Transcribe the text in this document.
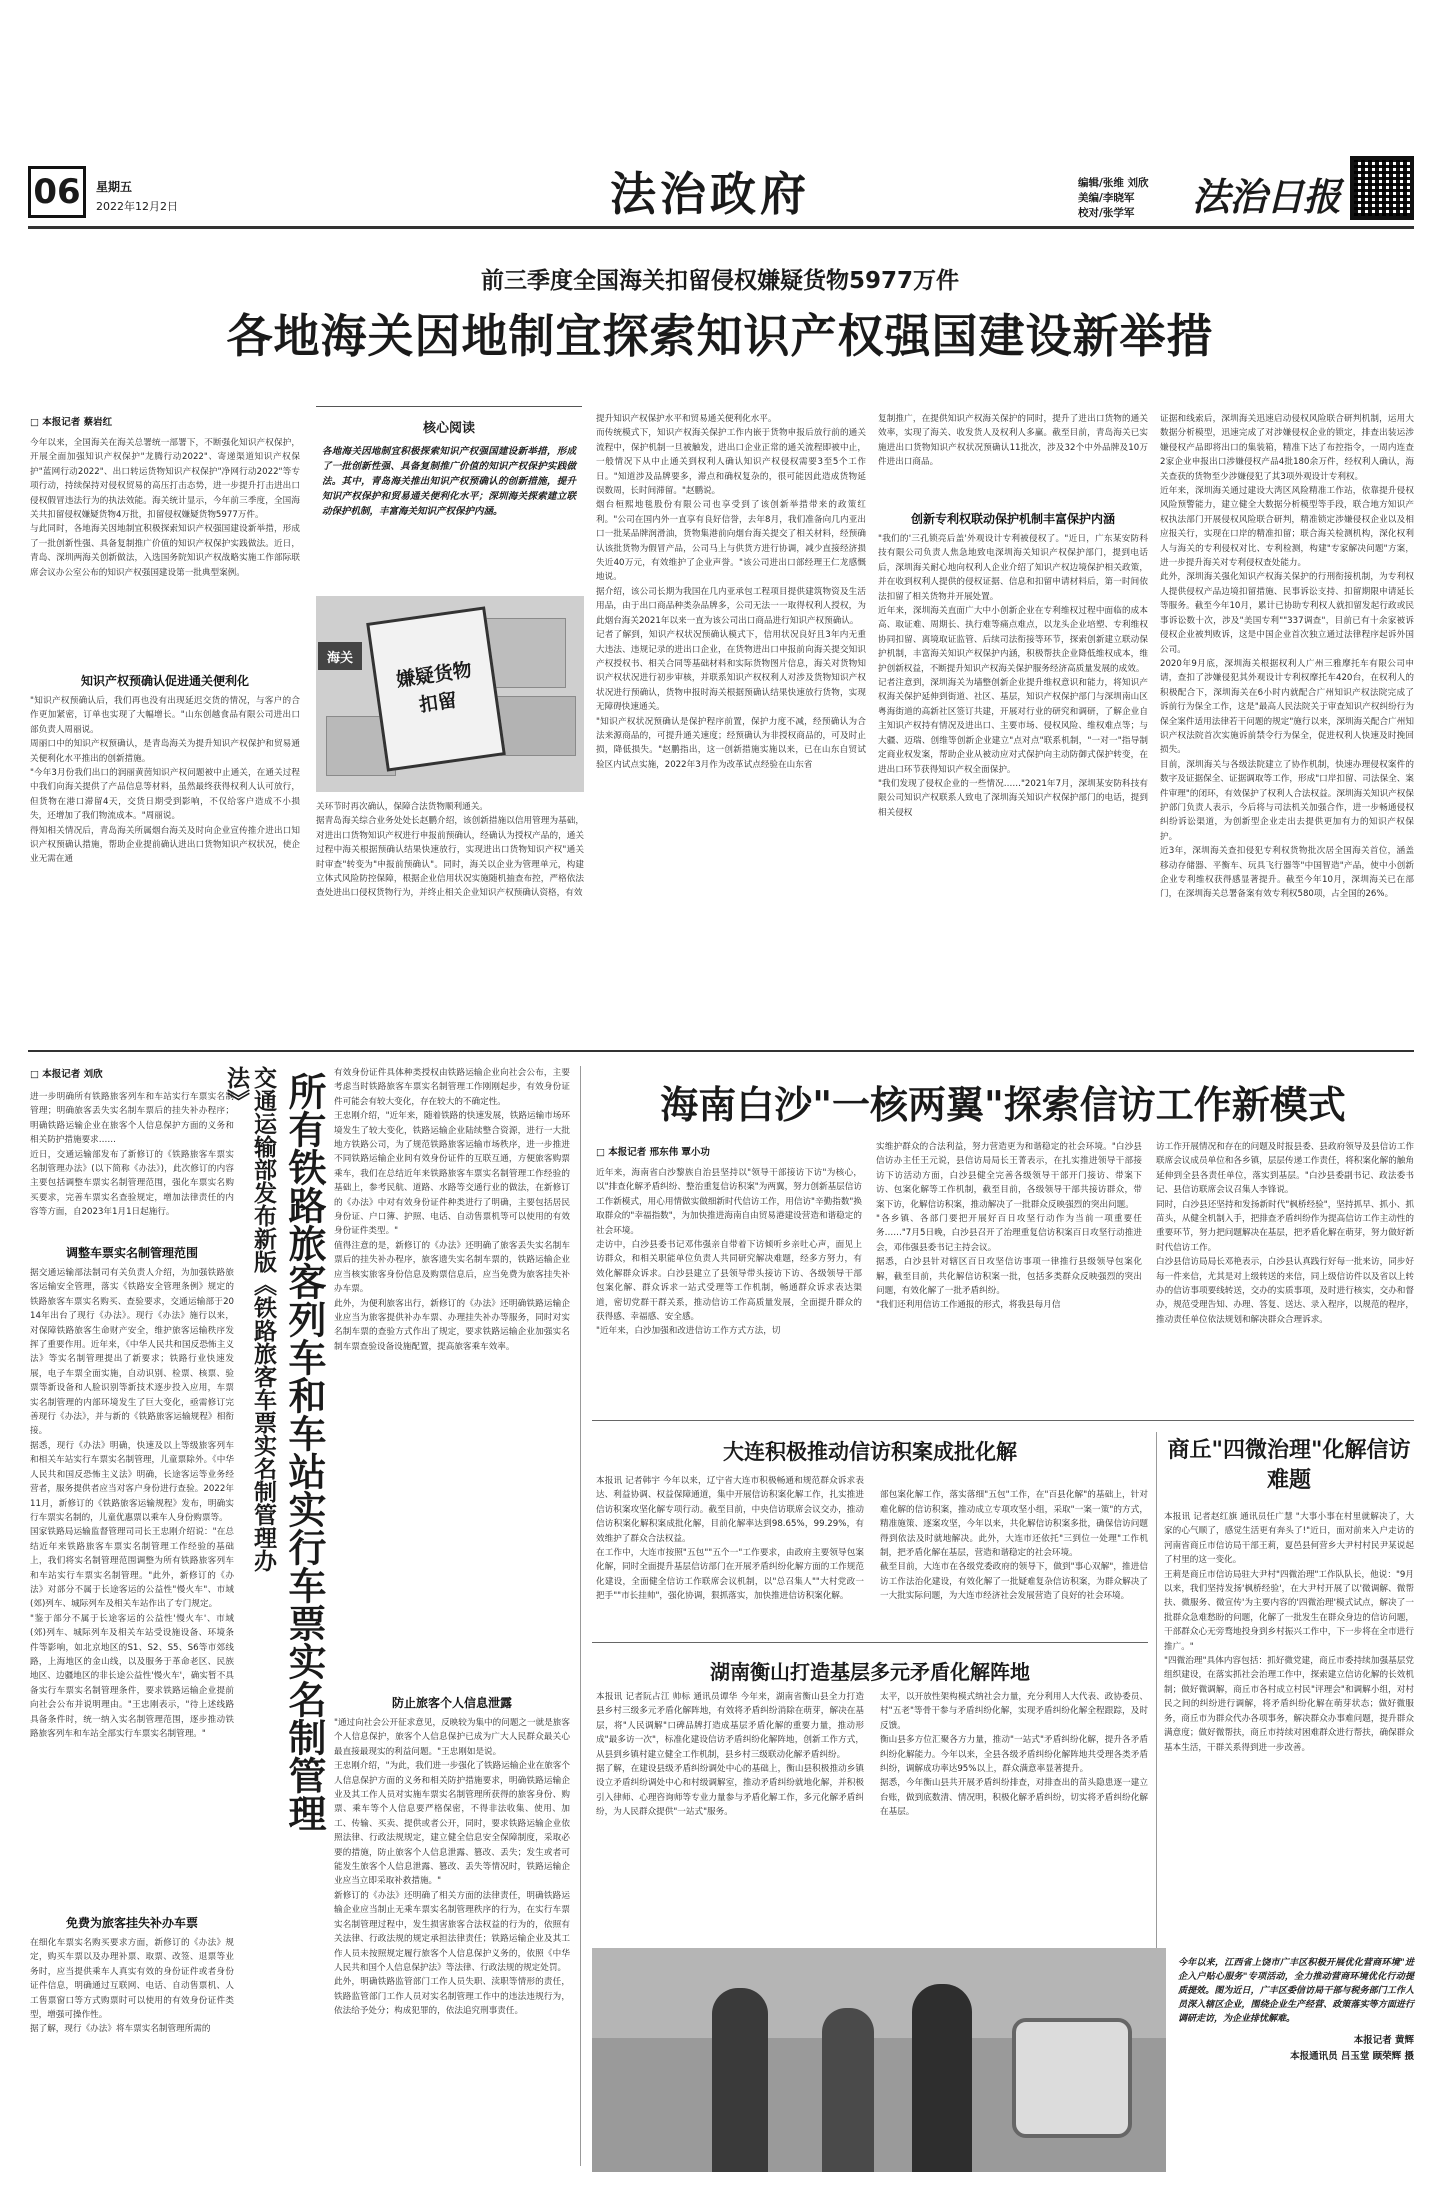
06 星期五
2022年12月2日	法治政府	编辑/张维 刘欣
美编/李晓军
校对/张学军	法治日报
前三季度全国海关扣留侵权嫌疑货物5977万件
各地海关因地制宜探索知识产权强国建设新举措
□ 本报记者 蔡岩红
今年以来，全国海关在海关总署统一部署下，不断强化知识产权保护，开展全面加强知识产权保护"龙腾行动2022"、寄递渠道知识产权保护"蓝网行动2022"、出口转运货物知识产权保护"净网行动2022"等专项行动，持续保持对侵权贸易的高压打击态势，进一步提升打击进出口侵权假冒违法行为的执法效能。海关统计显示，今年前三季度，全国海关共扣留侵权嫌疑货物4万批，扣留侵权嫌疑货物5977万件。
与此同时，各地海关因地制宜积极探索知识产权强国建设新举措，形成了一批创新性强、具备复制推广价值的知识产权保护实践做法。近日，青岛、深圳两海关创新做法，入选国务院知识产权战略实施工作部际联席会议办公室公布的知识产权强国建设第一批典型案例。
知识产权预确认促进通关便利化
"知识产权预确认后，我们再也没有出现延迟交货的情况，与客户的合作更加紧密，订单也实现了大幅增长。"山东创越食品有限公司进出口部负责人周丽说。
周丽口中的知识产权预确认，是青岛海关为提升知识产权保护和贸易通关便利化水平推出的创新措施。
"今年3月份我们出口的润丽黄茵知识产权问题被中止通关，在通关过程中我们向海关提供了产品信息等材料，虽然最终获得权利人认可放行，但货物在港口滞留4天，交货日期受到影响，不仅给客户造成不小损失，还增加了我们物流成本。"周丽说。
得知相关情况后，青岛海关所属烟台海关及时向企业宣传推介进出口知识产权预确认措施，帮助企业提前确认进出口货物知识产权状况，使企业无需在通
核心阅读
各地海关因地制宜积极探索知识产权强国建设新举措，形成了一批创新性强、具备复制推广价值的知识产权保护实践做法。其中，青岛海关推出知识产权预确认的创新措施，提升知识产权保护和贸易通关便利化水平；深圳海关探索建立联动保护机制，丰富海关知识产权保护内涵。
海关
嫌疑货物 扣留
关环节时再次确认，保障合法货物顺利通关。
据青岛海关综合业务处处长赵鹏介绍，该创新措施以信用管理为基础，对进出口货物知识产权进行申报前预确认，经确认为授权产品的，通关过程中海关根据预确认结果快速放行，实现进出口货物知识产权"通关时审查"转变为"申报前预确认"。同时，海关以企业为管理单元，构建立体式风险防控保障，根据企业信用状况实施随机抽查布控，严格依法查处进出口侵权货物行为，并终止相关企业知识产权预确认资格，有效
提升知识产权保护水平和贸易通关便利化水平。
而传统模式下，知识产权海关保护工作内嵌于货物申报后放行前的通关流程中，保护机制一旦被触发，进出口企业正常的通关流程即被中止，一般情况下从中止通关到权利人确认知识产权侵权需要3至5个工作日。"知道涉及品牌要多，滞点和确权复杂的，很可能因此造成货物延误数周，长时间滞留。"赵鹏说。
烟台桓熙地毯股份有限公司也享受到了该创新举措带来的政策红利。"公司在国内外一直享有良好信誉，去年8月，我们准备向几内亚出口一批某品牌润滑油，货物集港前向烟台海关提交了相关材料，经预确认该批货物为假冒产品，公司马上与供货方进行协调，减少直接经济损失近40万元，有效维护了企业声誉。"该公司进出口部经理王仁龙感慨地说。
据介绍，该公司长期为我国在几内亚承包工程项目提供建筑物资及生活用品，由于出口商品种类杂品牌多，公司无法一一取得权利人授权，为此烟台海关2021年以来一直为该公司出口商品进行知识产权预确认。
记者了解到，知识产权状况预确认模式下，信用状况良好且3年内无重大违法、违规记录的进出口企业，在货物进出口申报前向海关提交知识产权授权书、相关合同等基础材料和实际货物图片信息，海关对货物知识产权状况进行初步审核，并联系知识产权权利人对涉及货物知识产权状况进行预确认，货物申报时海关根据预确认结果快速放行货物，实现无障碍快速通关。
"知识产权状况预确认是保护程序前置，保护力度不减，经预确认为合法来源商品的，可提升通关速度；经预确认为非授权商品的，可及时止损，降低损失。"赵鹏指出，这一创新措施实施以来，已在山东自贸试验区内试点实施，2022年3月作为改革试点经验在山东省
复制推广，在提供知识产权海关保护的同时，提升了进出口货物的通关效率，实现了海关、收发货人及权利人多赢。截至目前，青岛海关已实施进出口货物知识产权状况预确认11批次，涉及32个中外品牌及10万件进出口商品。
创新专利权联动保护机制丰富保护内涵
"我们的'三孔锁亮后盖'外观设计专利被侵权了。"近日，广东某安防科技有限公司负责人焦急地致电深圳海关知识产权保护部门，提到电话后，深圳海关耐心地向权利人企业介绍了知识产权边境保护相关政策，并在收到权利人提供的侵权证据、信息和扣留申请材料后，第一时间依法扣留了相关货物并开展处置。
近年来，深圳海关直面广大中小创新企业在专利维权过程中面临的成本高、取证难、周期长、执行难等痛点难点，以龙头企业培塑、专利维权协同扣留、离境取证监管、后续司法衔接等环节，探索创新建立联动保护机制，丰富海关知识产权保护内涵，积极帮扶企业降低维权成本，维护创新权益，不断提升知识产权海关保护服务经济高质量发展的成效。
记者注意到，深圳海关为墙整创新企业提升维权意识和能力，将知识产权海关保护延伸到街道、社区、基层，知识产权保护部门与深圳南山区粤海街道的高新社区签订共建，开展对行业的研究和调研，了解企业自主知识产权持有情况及进出口、主要市场、侵权风险、维权难点等；与大疆、迈瑞、创维等创新企业建立"点对点"联系机制，"一对一"指导制定商业权发案，帮助企业从被动应对式保护向主动防御式保护转变，在进出口环节获得知识产权全面保护。
"我们发现了侵权企业的一些情况……"2021年7月，深圳某安防科技有限公司知识产权联系人致电了深圳海关知识产权保护部门的电话，提到相关侵权
证据和线索后，深圳海关迅速启动侵权风险联合研判机制，运用大数据分析模型，迅速完成了对涉嫌侵权企业的锁定，排查出装运涉嫌侵权产品即将出口的集装箱，精准下达了布控指令，一周内连查2家企业申报出口涉嫌侵权产品4批180余万件，经权利人确认，海关查获的货物至少涉嫌侵犯了其3项外观设计专利权。
近年来，深圳海关通过建设大湾区风险精准工作站，依靠提升侵权风险预警能力，建立健全大数据分析模型等手段，联合地方知识产权执法部门开展侵权风险联合研判，精准锁定涉嫌侵权企业以及相应报关行，实现在口岸的精准扣留；联合海关检测机构，深化权利人与海关的专利侵权对比、专利检测，构建"专家解决问题"方案，进一步提升海关对专利侵权查处能力。
此外，深圳海关强化知识产权海关保护的行刑衔接机制，为专利权人提供侵权产品边境扣留措施、民事诉讼支持、扣留期限申请延长等服务。截至今年10月，累计已协助专利权人就扣留发起行政或民事诉讼数十次，涉及"美国专利""337调查"，目前已有十余家被诉侵权企业被判败诉，这是中国企业首次独立通过法律程序起诉外国公司。
2020年9月底，深圳海关根据权利人广州三雅摩托车有限公司申请，查扣了涉嫌侵犯其外观设计专利权摩托车420台，在权利人的积极配合下，深圳海关在6小时内就配合广州知识产权法院完成了诉前行为保全工作，这是"最高人民法院关于审查知识产权纠纷行为保全案件适用法律若干问题的规定"施行以来，深圳海关配合广州知识产权法院首次实施诉前禁令行为保全，促进权利人快速及时挽回损失。
目前，深圳海关与各级法院建立了协作机制，快速办理侵权案件的数字及证据保全、证据调取等工作，形成"口岸扣留、司法保全、案件审理"的闭环，有效保护了权利人合法权益。深圳海关知识产权保护部门负责人表示，今后将与司法机关加强合作，进一步畅通侵权纠纷诉讼渠道，为创新型企业走出去提供更加有力的知识产权保护。
近3年，深圳海关查扣侵犯专利权货物批次居全国海关首位，涵盖移动存储器、平衡车、玩具飞行器等"中国智造"产品，使中小创新企业专利维权获得感显著提升。截至今年10月，深圳海关已在部门，在深圳海关总署备案有效专利权580项，占全国的26%。
□ 本报记者 刘欣
进一步明确所有铁路旅客列车和车站实行车票实名制管理；明确旅客丢失实名制车票后的挂失补办程序；明确铁路运输企业在旅客个人信息保护方面的义务和相关防护措施要求……
近日，交通运输部发布了新修订的《铁路旅客车票实名制管理办法》(以下简称《办法》)，此次修订的内容主要包括调整车票实名制管理范围，强化车票实名购买要求，完善车票实名查验规定，增加法律责任的内容等方面，自2023年1月1日起施行。
调整车票实名制管理范围
据交通运输部法制司有关负责人介绍，为加强铁路旅客运输安全管理，落实《铁路安全管理条例》规定的铁路旅客车票实名购买、查验要求，交通运输部于2014年出台了现行《办法》。现行《办法》施行以来，对保障铁路旅客生命财产安全，维护旅客运输秩序发挥了重要作用。近年来，《中华人民共和国反恐怖主义法》等实名制管理提出了新要求；铁路行业快速发展，电子车票全面实施，自动识别、检票、核票、验票等新设备和人脸识别等新技术逐步投入应用，车票实名制管理的内部环境发生了巨大变化，亟需修订完善现行《办法》，并与新的《铁路旅客运输规程》相衔接。
据悉，现行《办法》明确，快速及以上等级旅客列车和相关车站实行车票实名制管理，儿童票除外。《中华人民共和国反恐怖主义法》明确，长途客运等业务经营者，服务提供者应当对客户身份进行查验。2022年11月，新修订的《铁路旅客运输规程》发布，明确实行车票实名制的，儿童优惠票以乘车人身份购票等。
国家铁路局运输监督管理司司长王忠刚介绍说："在总结近年来铁路旅客车票实名制管理工作经验的基础上，我们将实名制管理范围调整为所有铁路旅客列车和车站实行车票实名制管理。"此外，新修订的《办法》对部分不属于长途客运的公益性"慢火车"、市域(郊)列车、城际列车及相关车站作出了专门规定。
"鉴于部分不属于长途客运的公益性'慢火车'、市域(郊)列车、城际列车及相关车站受设施设备、环境条件等影响，如北京地区的S1、S2、S5、S6等市郊线路，上海地区的金山线，以及服务于革命老区、民族地区、边疆地区的非长途公益性'慢火车'，确实暂不具备实行车票实名制管理条件，要求铁路运输企业提前向社会公布并说明理由。"王忠刚表示，"待上述线路具备条件时，统一纳入实名制管理范围，逐步推动铁路旅客列车和车站全部实行车票实名制管理。"
免费为旅客挂失补办车票
在细化车票实名购买要求方面，新修订的《办法》规定，购买车票以及办理补票、取票、改签、退票等业务时，应当提供乘车人真实有效的身份证件或者身份证件信息，明确通过互联网、电话、自动售票机、人工售票窗口等方式购票时可以使用的有效身份证件类型，增强可操作性。
据了解，现行《办法》将车票实名制管理所需的
交通运输部发布新版《铁路旅客车票实名制管理办法》 所有铁路旅客列车和车站实行车票实名制管理 有效身份证件具体种类授权由铁路运输企业向社会公布，主要考虑当时铁路旅客车票实名制管理工作刚刚起步，有效身份证件可能会有较大变化，存在较大的不确定性。
王忠刚介绍，"近年来，随着铁路的快速发展，铁路运输市场环境发生了较大变化，铁路运输企业陆续整合资源，进行一大批地方铁路公司，为了规范铁路旅客运输市场秩序，进一步推进不同铁路运输企业间有效身份证件的互联互通，方便旅客购票乘车，我们在总结近年来铁路旅客车票实名制管理工作经验的基础上，参考民航、道路、水路等交通行业的做法，在新修订的《办法》中对有效身份证件种类进行了明确，主要包括居民身份证、户口簿、护照、电话、自动售票机等可以使用的有效身份证件类型。"
值得注意的是，新修订的《办法》还明确了旅客丢失实名制车票后的挂失补办程序，旅客遗失实名制车票的，铁路运输企业应当核实旅客身份信息及购票信息后，应当免费为旅客挂失补办车票。
此外，为便利旅客出行，新修订的《办法》还明确铁路运输企业应当为旅客提供补办车票、办理挂失补办等服务，同时对实名制车票的查验方式作出了规定，要求铁路运输企业加强实名制车票查验设备设施配置，提高旅客乘车效率。
防止旅客个人信息泄露
"通过向社会公开征求意见，反映较为集中的问题之一就是旅客个人信息保护，旅客个人信息保护已成为广大人民群众最关心最直接最现实的利益问题。"王忠刚如是说。
王忠刚介绍，"为此，我们进一步强化了铁路运输企业在旅客个人信息保护方面的义务和相关防护措施要求，明确铁路运输企业及其工作人员对实施车票实名制管理所获得的旅客身份、购票、乘车等个人信息要严格保密，不得非法收集、使用、加工、传输、买卖、提供或者公开，同时，要求铁路运输企业依照法律、行政法规规定，建立健全信息安全保障制度，采取必要的措施，防止旅客个人信息泄露、篡改、丢失；发生或者可能发生旅客个人信息泄露、篡改、丢失等情况时，铁路运输企业应当立即采取补救措施。"
新修订的《办法》还明确了相关方面的法律责任，明确铁路运输企业应当制止无乘车票实名制管理秩序的行为，在实行车票实名制管理过程中，发生损害旅客合法权益的行为的，依照有关法律、行政法规的规定承担法律责任；铁路运输企业及其工作人员未按照规定履行旅客个人信息保护义务的，依照《中华人民共和国个人信息保护法》等法律、行政法规的规定处罚。
此外，明确铁路监管部门工作人员失职、渎职等情形的责任，铁路监管部门工作人员对实名制管理工作中的违法违规行为，依法给予处分；构成犯罪的，依法追究刑事责任。
海南白沙"一核两翼"探索信访工作新模式
□ 本报记者 邢东伟 覃小功
近年来，海南省白沙黎族自治县坚持以"领导干部接访下访"为核心，以"排查化解矛盾纠纷、整治重复信访积案"为两翼，努力创新基层信访工作新模式，用心用情做实做细新时代信访工作，用信访"辛勤指数"换取群众的"幸福指数"，为加快推进海南自由贸易港建设营造和谐稳定的社会环境。
走访中，白沙县委书记邓伟强亲自带着下访倾听乡亲吐心声，面见上访群众，和相关职能单位负责人共同研究解决难题，经多方努力，有效化解群众诉求。白沙县建立了县领导带头接访下访、各级领导干部包案化解、群众诉求一站式受理等工作机制，畅通群众诉求表达渠道，密切党群干群关系，推动信访工作高质量发展，全面提升群众的获得感、幸福感、安全感。
"近年来，白沙加强和改进信访工作方式方法，切
实维护群众的合法利益，努力营造更为和谐稳定的社会环境。"白沙县信访办主任王元说，县信访局局长王菁表示，在扎实推进领导干部接访下访活动方面，白沙县健全完善各级领导干部开门接访、带案下访、包案化解等工作机制，截至目前，各级领导干部共接访群众，带案下访，化解信访积案，推动解决了一批群众反映强烈的突出问题。
"各乡镇、各部门要把开展好百日攻坚行动作为当前一项重要任务……"7月5日晚，白沙县召开了治理重复信访积案百日攻坚行动推进会，邓伟强县委书记主持会议。
据悉，白沙县针对辖区百日攻坚信访事项一律推行县级领导包案化解，截至目前，共化解信访积案一批，包括多类群众反映强烈的突出问题，有效化解了一批矛盾纠纷。
"我们还利用信访工作通报的形式，将我县每月信
访工作开展情况和存在的问题及时报县委、县政府领导及县信访工作联席会议成员单位和各乡镇，层层传递工作责任，将积案化解的触角延伸到全县各责任单位，落实到基层。"白沙县委副书记、政法委书记、县信访联席会议召集人李锋说。
同时，白沙县还坚持和发扬新时代"枫桥经验"，坚持抓早、抓小、抓苗头，从健全机制入手，把排查矛盾纠纷作为提高信访工作主动性的重要环节，努力把问题解决在基层，把矛盾化解在萌芽，努力做好新时代信访工作。
白沙县信访局局长邓艳表示，白沙县认真践行好每一批来访，同步好每一件来信，尤其是对上级转送的来信，同上级信访件以及省以上转办的信访事项要线转送，交办的实质事项，及时进行核实，交办和督办，规范受理告知、办理、答复、送达、录入程序，以规范的程序，推动责任单位依法规划和解决群众合理诉求。
大连积极推动信访积案成批化解
本报讯 记者韩宇 今年以来，辽宁省大连市积极畅通和规范群众诉求表达、利益协调、权益保障通道，集中开展信访积案化解工作，扎实推进信访积案攻坚化解专项行动。截至目前，中央信访联席会议交办，推动信访积案化解积案成批化解，目前化解率达到98.65%，99.29%，有效维护了群众合法权益。
在工作中，大连市按照"五包""五个一"工作要求，由政府主要领导包案化解，同时全面提升基层信访部门在开展矛盾纠纷化解方面的工作规范化建设，全面健全信访工作联席会议机制，以"总召集人""大村党政一把手""市长挂帅"，强化协调，狠抓落实，加快推进信访积案化解。

部包案化解工作，落实落细"五包"工作，在"百县化解"的基础上，针对难化解的信访积案，推动成立专项攻坚小组，采取"一案一策"的方式，精准施策、逐案攻坚，今年以来，共化解信访积案多批，确保信访问题得到依法及时就地解决。此外，大连市还依托"三到位一处理"工作机制，把矛盾化解在基层，营造和谐稳定的社会环境。
截至目前，大连市在各级党委政府的领导下，做到"事心双解"，推进信访工作法治化建设，有效化解了一批疑难复杂信访积案，为群众解决了一大批实际问题，为大连市经济社会发展营造了良好的社会环境。
商丘"四微治理"化解信访难题
本报讯 记者赵红旗 通讯员任广慧 "大事小事在村里就解决了，大家的心气顺了，感觉生活更有奔头了!"近日，面对前来入户走访的河南省商丘市信访局干部王莉，夏邑县何营乡大尹村村民尹某说起了村里的这一变化。
王莉是商丘市信访局驻大尹村"四微治理"工作队队长，他说："9月以来，我们坚持发扬'枫桥经验'，在大尹村开展了以'微调解、微帮扶、微服务、微宣传'为主要内容的'四微治理'模式试点，解决了一批群众急难愁盼的问题，化解了一批发生在群众身边的信访问题，干部群众心无旁骛地投身到乡村振兴工作中，下一步将在全市进行推广。"
"四微治理"具体内容包括：抓好微党建，商丘市委持续加强基层党组织建设，在落实抓社会治理工作中，探索建立信访化解的长效机制；做好微调解，商丘市各村成立村民"评理会"和调解小组，对村民之间的纠纷进行调解，将矛盾纠纷化解在萌芽状态；做好微服务，商丘市为群众代办各项事务，解决群众办事难问题，提升群众满意度；做好微帮扶，商丘市持续对困难群众进行帮扶，确保群众基本生活，干群关系得到进一步改善。
湖南衡山打造基层多元矛盾化解阵地
本报讯 记者阮占江 帅标 通讯员谭华 今年来，湖南省衡山县全力打造县乡村三级多元矛盾化解阵地，有效将矛盾纠纷消除在萌芽，解决在基层，将"人民调解"口碑品牌打造成基层矛盾化解的重要力量，推动形成"最多访一次"，标准化建设信访矛盾纠纷化解阵地，创新工作方式，从县到乡镇村建立健全工作机制，县乡村三级联动化解矛盾纠纷。
据了解，在建设县级矛盾纠纷调处中心的基础上，衡山县积极推动乡镇设立矛盾纠纷调处中心和村级调解室，推动矛盾纠纷就地化解，并积极引入律师、心理咨询师等专业力量参与矛盾化解工作，多元化解矛盾纠纷，为人民群众提供"一站式"服务。

太平，以开放性架构模式纳社会力量，充分利用人大代表、政协委员、村"五老"等骨干参与矛盾纠纷化解，实现矛盾纠纷化解全程跟踪，及时反馈。
衡山县多方位汇聚各方力量，推动"一站式"矛盾纠纷化解，提升各矛盾纠纷化解能力。今年以来，全县各级矛盾纠纷化解阵地共受理各类矛盾纠纷，调解成功率达95%以上，群众满意率显著提升。
据悉，今年衡山县共开展矛盾纠纷排查，对排查出的苗头隐患逐一建立台账，做到底数清、情况明，积极化解矛盾纠纷，切实将矛盾纠纷化解在基层。
今年以来，江西省上饶市广丰区积极开展优化营商环境"进企入户贴心服务"专项活动，全力推动营商环境优化行动提质提效。图为近日，广丰区委信访局干部与税务部门工作人员深入辖区企业，围绕企业生产经营、政策落实等方面进行调研走访，为企业排忧解难。
本报记者 黄辉
本报通讯员 吕玉堂 顾荣辉 摄
